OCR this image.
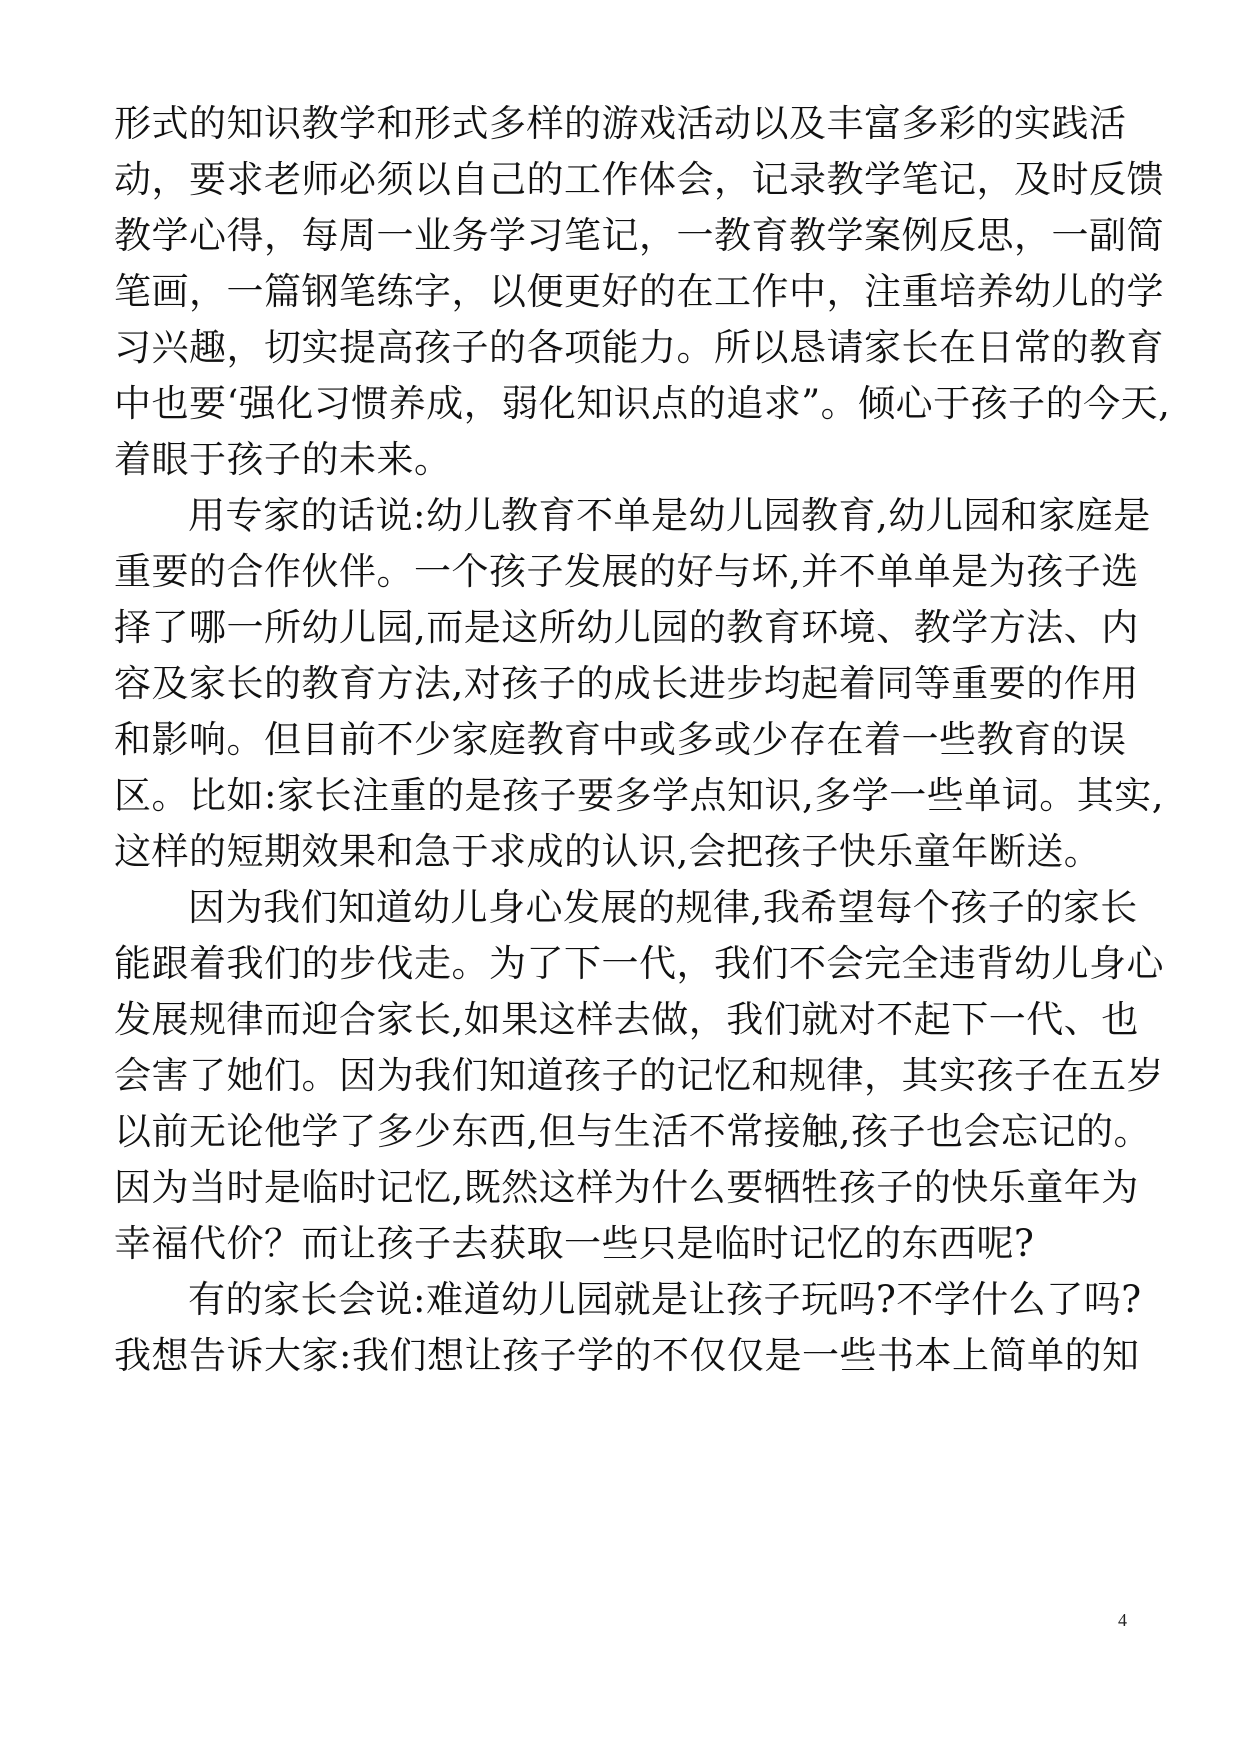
形式的知识教学和形式多样的游戏活动以及丰富多彩的实践活
动，要求老师必须以自己的工作体会，记录教学笔记，及时反馈
教学心得，每周一业务学习笔记，一教育教学案例反思，一副简
笔画，一篇钢笔练字，以便更好的在工作中，注重培养幼儿的学
习兴趣，切实提高孩子的各项能力。所以恳请家长在日常的教育
中也要‘强化习惯养成，弱化知识点的追求”。倾心于孩子的今天,
着眼于孩子的未来。
用专家的话说:幼儿教育不单是幼儿园教育,幼儿园和家庭是
重要的合作伙伴。一个孩子发展的好与坏,并不单单是为孩子选
择了哪一所幼儿园,而是这所幼儿园的教育环境、教学方法、内
容及家长的教育方法,对孩子的成长进步均起着同等重要的作用
和影响。但目前不少家庭教育中或多或少存在着一些教育的误
区。比如:家长注重的是孩子要多学点知识,多学一些单词。其实,
这样的短期效果和急于求成的认识,会把孩子快乐童年断送。
因为我们知道幼儿身心发展的规律,我希望每个孩子的家长
能跟着我们的步伐走。为了下一代，我们不会完全违背幼儿身心
发展规律而迎合家长,如果这样去做，我们就对不起下一代、也
会害了她们。因为我们知道孩子的记忆和规律，其实孩子在五岁
以前无论他学了多少东西,但与生活不常接触,孩子也会忘记的。
因为当时是临时记忆,既然这样为什么要牺牲孩子的快乐童年为
幸福代价？而让孩子去获取一些只是临时记忆的东西呢?
有的家长会说:难道幼儿园就是让孩子玩吗?不学什么了吗?
我想告诉大家:我们想让孩子学的不仅仅是一些书本上简单的知
4
